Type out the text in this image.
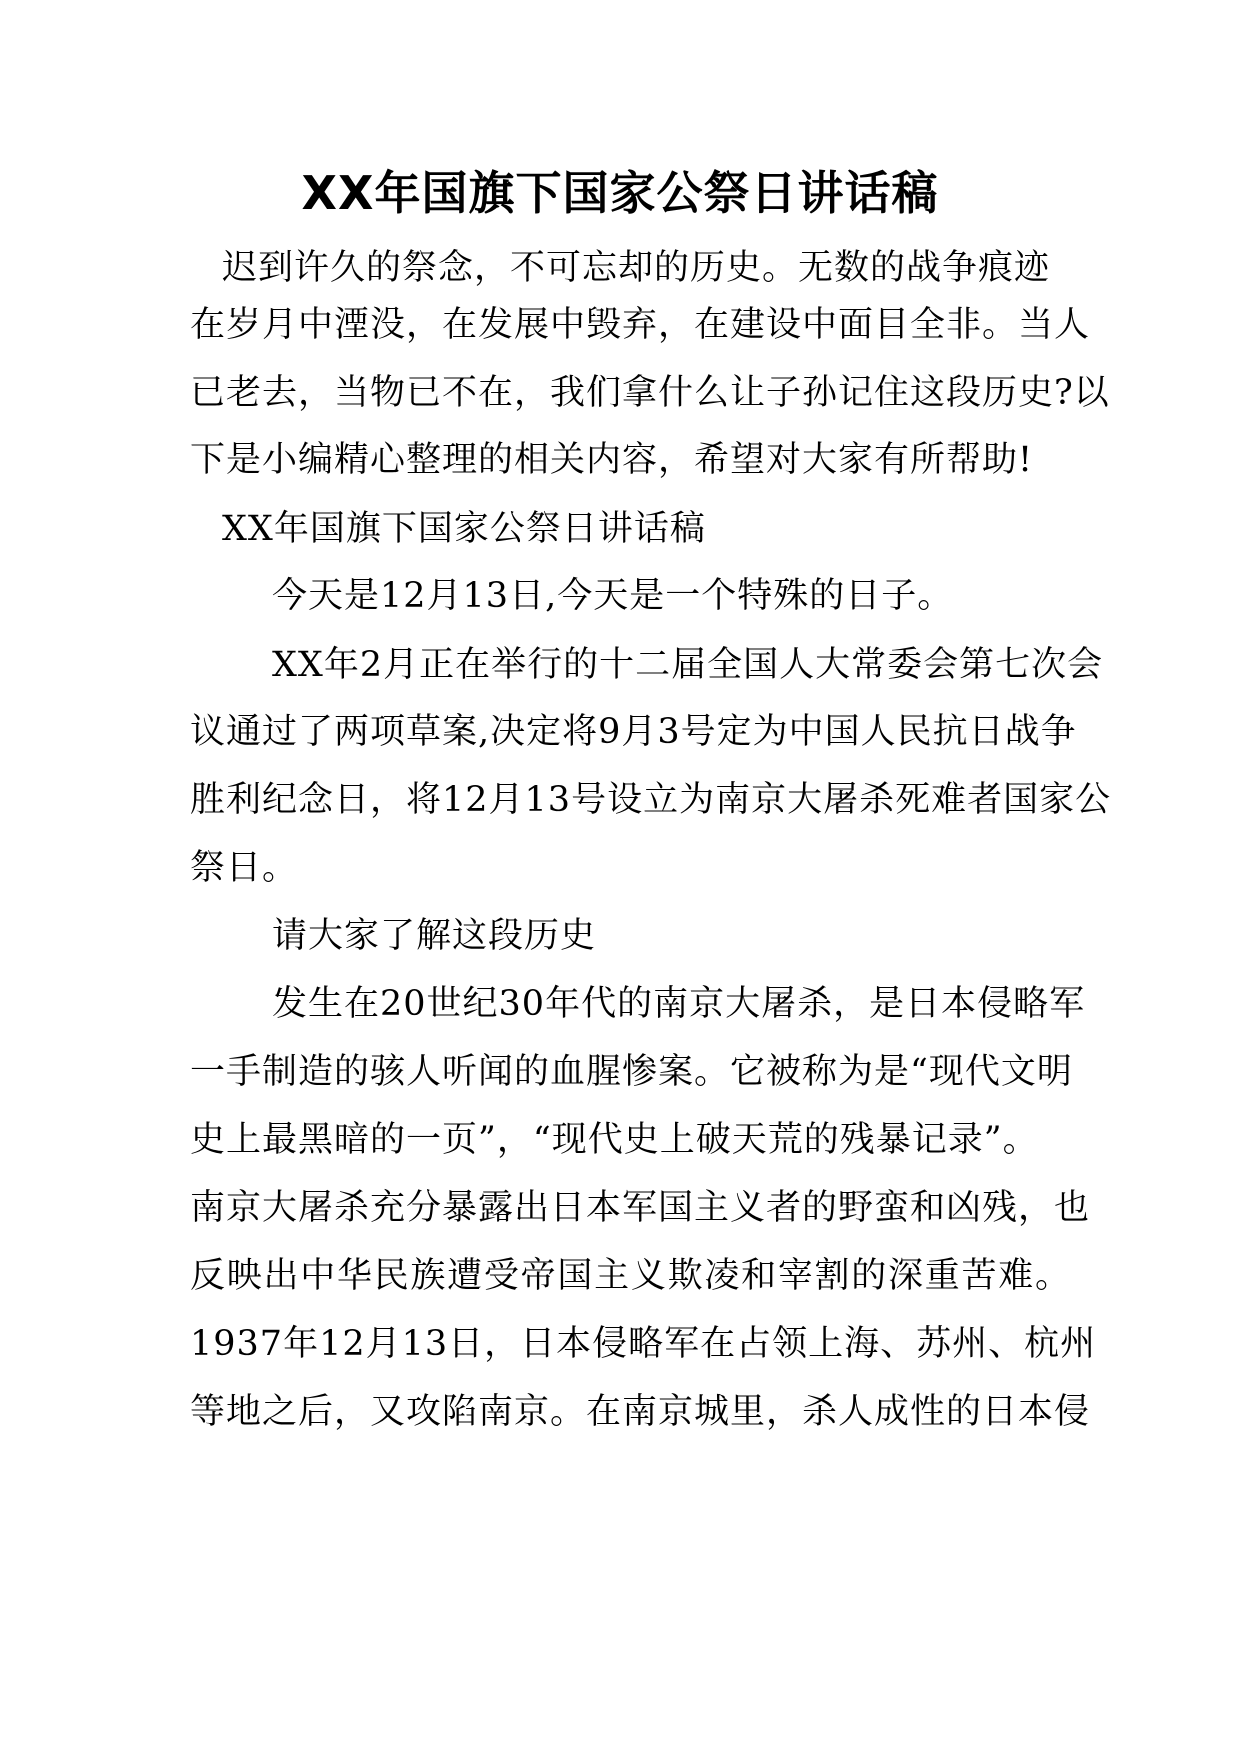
XX年国旗下国家公祭日讲话稿
迟到许久的祭念，不可忘却的历史。无数的战争痕迹
在岁月中湮没，在发展中毁弃，在建设中面目全非。当人
已老去，当物已不在，我们拿什么让子孙记住这段历史?以
下是小编精心整理的相关内容，希望对大家有所帮助!
XX年国旗下国家公祭日讲话稿
今天是12月13日,今天是一个特殊的日子。
XX年2月正在举行的十二届全国人大常委会第七次会
议通过了两项草案,决定将9月3号定为中国人民抗日战争
胜利纪念日，将12月13号设立为南京大屠杀死难者国家公
祭日。
请大家了解这段历史
发生在20世纪30年代的南京大屠杀，是日本侵略军
一手制造的骇人听闻的血腥惨案。它被称为是“现代文明
史上最黑暗的一页”，“现代史上破天荒的残暴记录”。
南京大屠杀充分暴露出日本军国主义者的野蛮和凶残，也
反映出中华民族遭受帝国主义欺凌和宰割的深重苦难。
1937年12月13日，日本侵略军在占领上海、苏州、杭州
等地之后，又攻陷南京。在南京城里，杀人成性的日本侵
